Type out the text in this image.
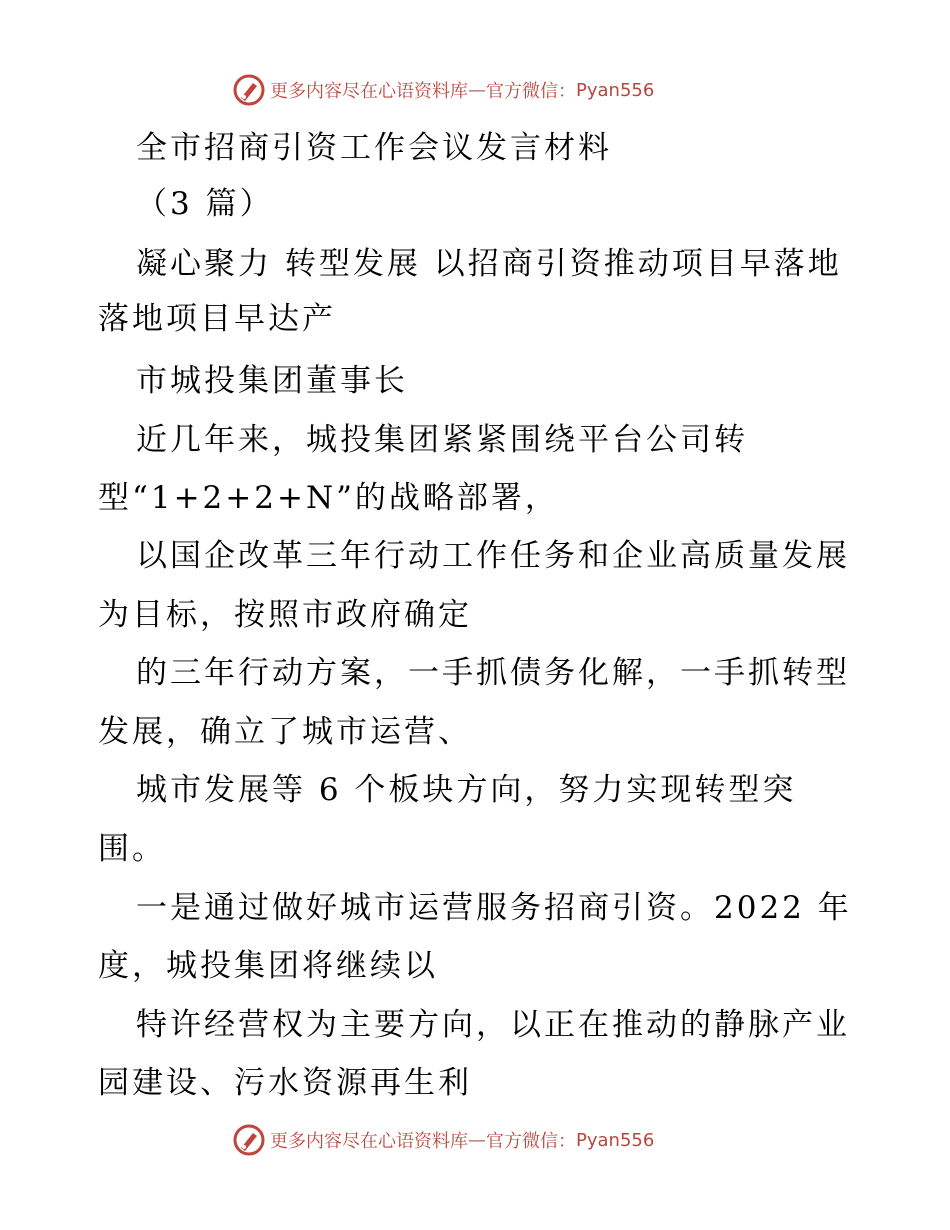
更多内容尽在心语资料库 — 官方微信： Pyan556
全市招商引资工作会议发言材料
（3 篇）
凝心聚力 转型发展 以招商引资推动项目早落地
落地项目早达产
市城投集团董事长
近几年来，城投集团紧紧围绕平台公司转
型“1+2+2+N”的战略部署，
以国企改革三年行动工作任务和企业高质量发展
为目标，按照市政府确定
的三年行动方案，一手抓债务化解，一手抓转型
发展，确立了城市运营、
城市发展等 6 个板块方向，努力实现转型突
围。
一是通过做好城市运营服务招商引资。2022 年
度，城投集团将继续以
特许经营权为主要方向，以正在推动的静脉产业
园建设、污水资源再生利
更多内容尽在心语资料库 — 官方微信： Pyan556
